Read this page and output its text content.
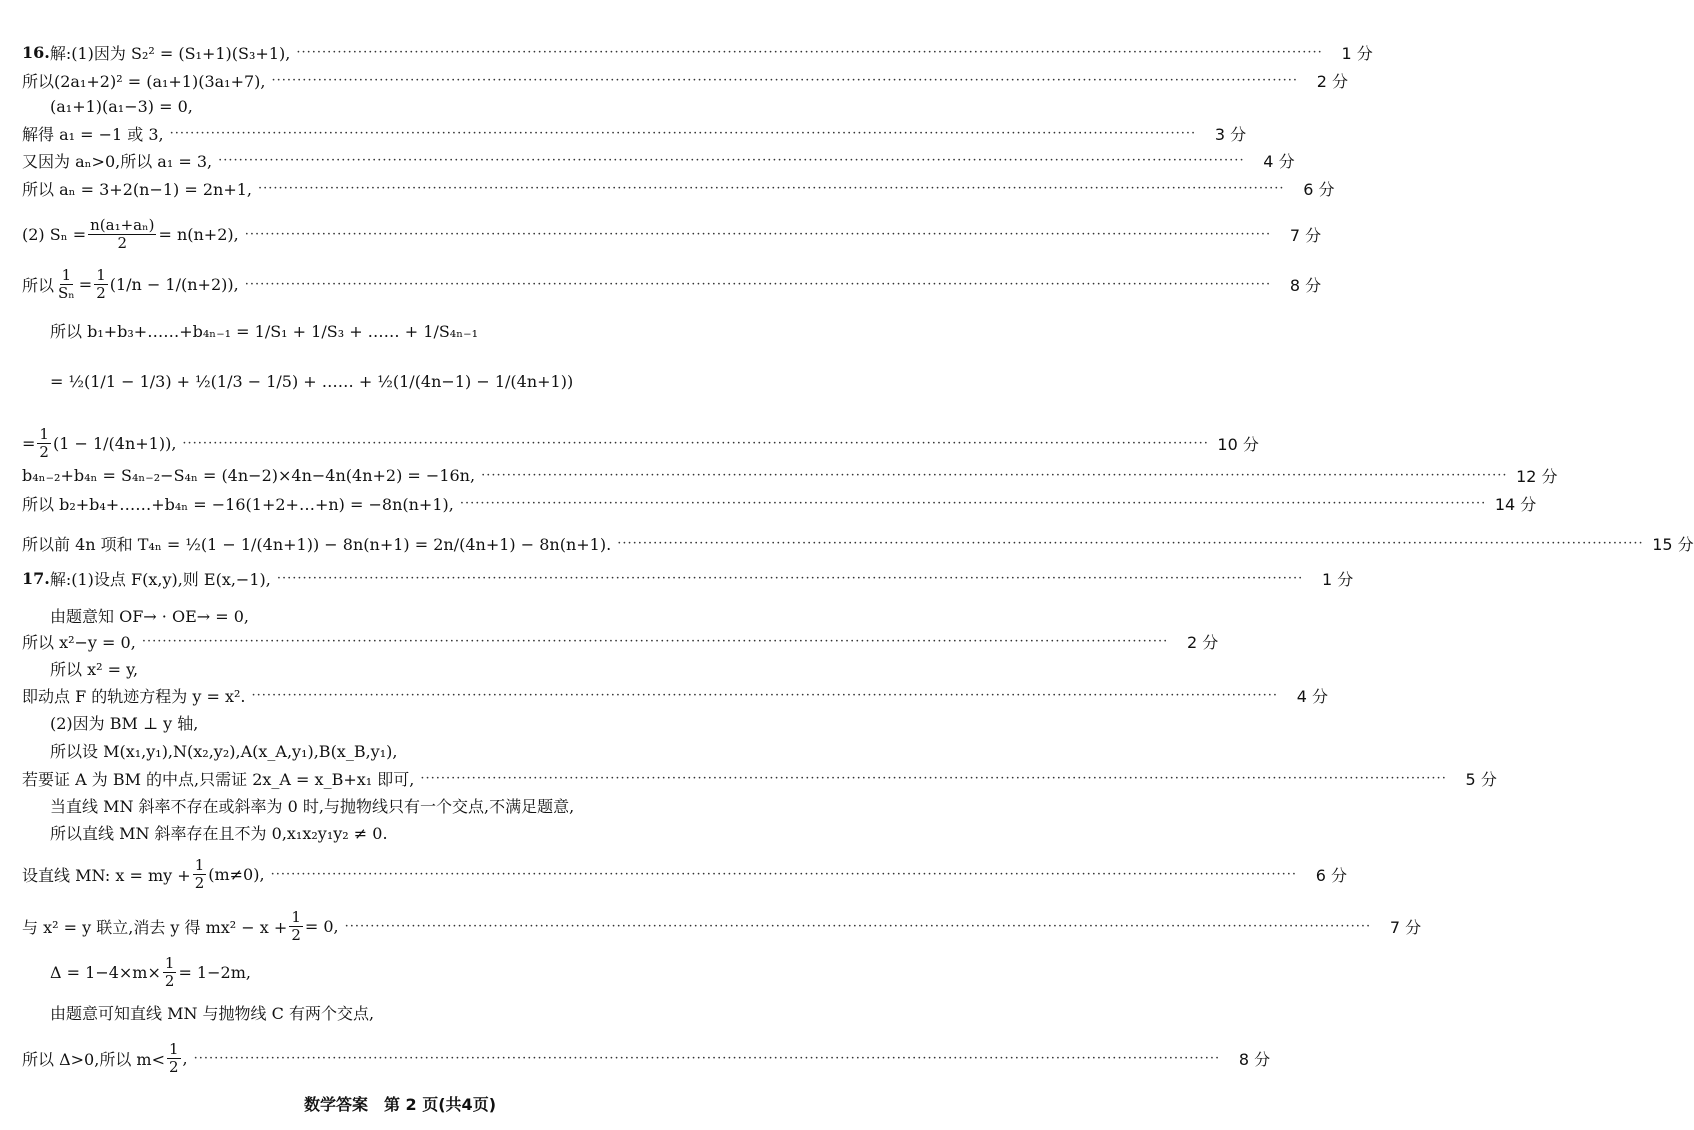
16. 解:(1)因为 S₂² = (S₁+1)(S₃+1), ········································································································································································································	1 分
所以(2a₁+2)² = (a₁+1)(3a₁+7), ········································································································································································································	2 分
(a₁+1)(a₁−3) = 0,
解得 a₁ = −1 或 3, ········································································································································································································	3 分
又因为 aₙ>0,所以 a₁ = 3, ········································································································································································································	4 分
所以 aₙ = 3+2(n−1) = 2n+1, ········································································································································································································	6 分
(2) $S_n = \frac{\text{n(a₁+aₙ)}}{2} = n(n+2)$, ········································································································································································································	7 分
所以 $\frac{1}{\text{Sₙ}} = \frac{1}{2} (1/n - 1/(n+2))$, ········································································································································································································	8 分
所以 b₁+b₃+……+b₄ₙ₋₁ = 1/S₁ + 1/S₃ + …… + 1/S₄ₙ₋₁
= ½(1/1 − 1/3) + ½(1/3 − 1/5) + …… + ½(1/(4n−1) − 1/(4n+1))
= $\frac{1}{2} (1 - 1/(4n+1))$, ········································································································································································································ 10 分
b₄ₙ₋₂+b₄ₙ = S₄ₙ₋₂−S₄ₙ = (4n−2)×4n−4n(4n+2) = −16n, ········································································································································································································ 12 分
所以 b₂+b₄+……+b₄ₙ = −16(1+2+…+n) = −8n(n+1), ········································································································································································································ 14 分
所以前 4n 项和 T₄ₙ = ½(1 − 1/(4n+1)) − 8n(n+1) = 2n/(4n+1) − 8n(n+1). ········································································································································································································ 15 分
17. 解:(1)设点 F(x,y),则 E(x,−1), ········································································································································································································	1 分
由题意知 OF→ · OE→ = 0,
所以 x²−y = 0, ········································································································································································································	2 分
所以 x² = y,
即动点 F 的轨迹方程为 y = x². ········································································································································································································	4 分
(2)因为 BM ⊥ y 轴,
所以设 M(x₁,y₁),N(x₂,y₂),A(x_A,y₁),B(x_B,y₁),
若要证 A 为 BM 的中点,只需证 2x_A = x_B+x₁ 即可, ········································································································································································································	5 分
当直线 MN 斜率不存在或斜率为 0 时,与抛物线只有一个交点,不满足题意,
所以直线 MN 斜率存在且不为 0,x₁x₂y₁y₂ ≠ 0.
设直线 MN: x = my + $\frac{1}{2} (m\ne 0)$, ········································································································································································································	6 分
与 x² = y 联立,消去 y 得 $mx^2 - x + \frac{1}{2} = 0$, ········································································································································································································	7 分
$\Delta = 1-4\times m\times \frac{1}{2} = 1-2m$,
由题意可知直线 MN 与抛物线 C 有两个交点,
所以 Δ>0,所以 $m< \frac{1}{2}$ , ········································································································································································································	8 分
数学答案　第 2 页(共4页)
